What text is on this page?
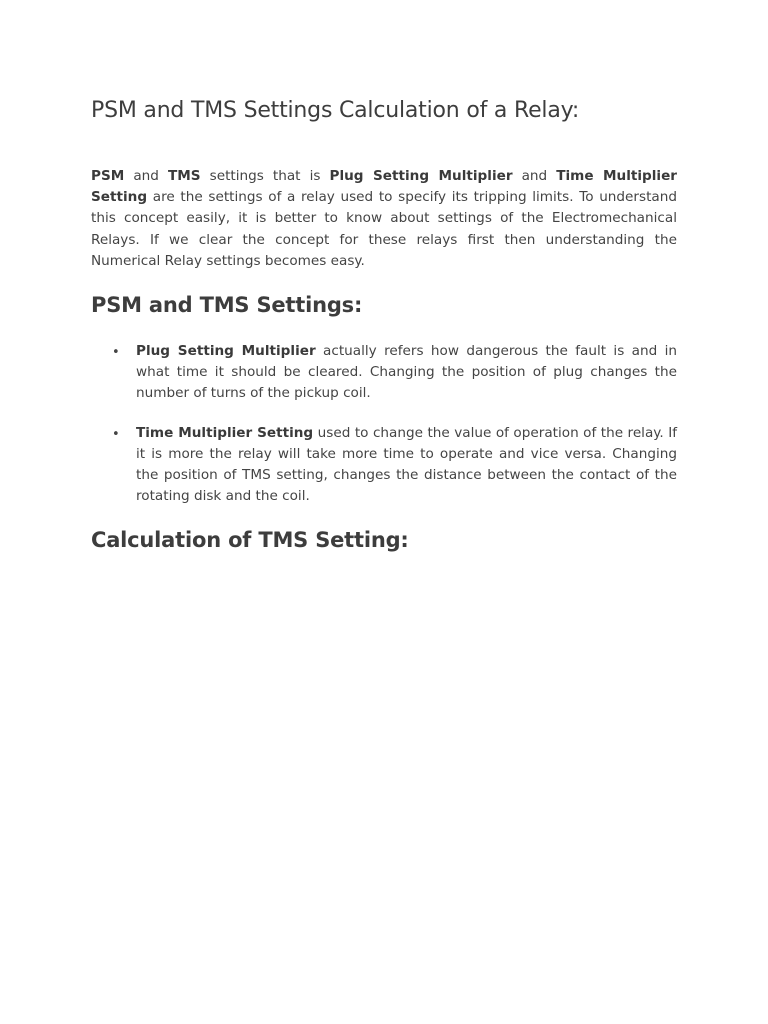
PSM and TMS Settings Calculation of a Relay:

PSM and TMS settings that is Plug Setting Multiplier and Time Multiplier Setting are the settings of a relay used to specify its tripping limits. To understand this concept easily, it is better to know about settings of the Electromechanical Relays. If we clear the concept for these relays first then understanding the Numerical Relay settings becomes easy.

PSM and TMS Settings:
• Plug Setting Multiplier actually refers how dangerous the fault is and in what time it should be cleared. Changing the position of plug changes the number of turns of the pickup coil.
• Time Multiplier Setting used to change the value of operation of the relay. If it is more the relay will take more time to operate and vice versa. Changing the position of TMS setting, changes the distance between the contact of the rotating disk and the coil.
Calculation of TMS Setting:
